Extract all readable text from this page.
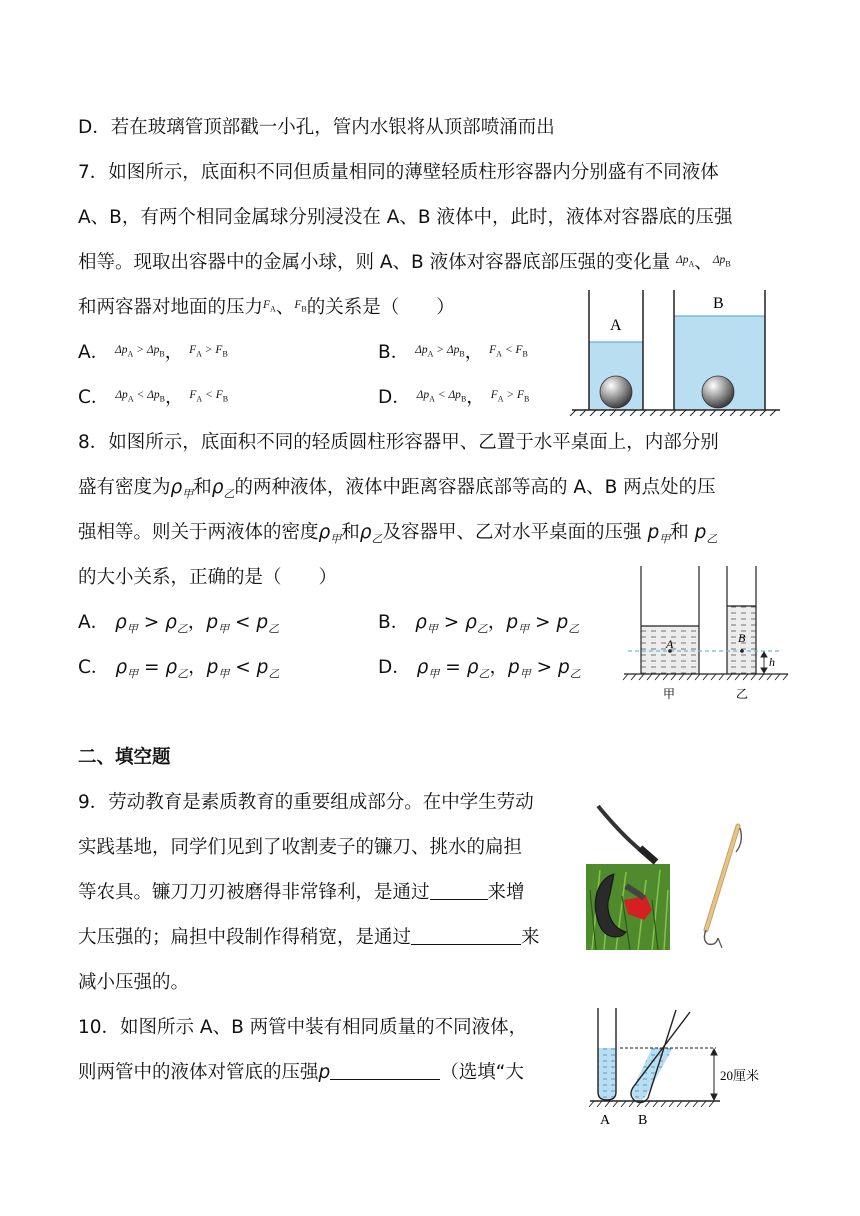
D．若在玻璃管顶部戳一小孔，管内水银将从顶部喷涌而出
7．如图所示，底面积不同但质量相同的薄壁轻质柱形容器内分别盛有不同液体
A、B，有两个相同金属球分别浸没在 A、B 液体中，此时，液体对容器底的压强
相等。现取出容器中的金属小球，则 A、B 液体对容器底部压强的变化量 $^{\Delta p_A}$、$^{\Delta p_B}$
和两容器对地面的压力$^{F_A}$、$^{F_B}$的关系是（　　）
A． $^{\Delta p_A > \Delta p_B}$， $^{F_A > F_B}$	B． $^{\Delta p_A > \Delta p_B}$， $^{F_A < F_B}$
C． $^{\Delta p_A < \Delta p_B}$， $^{F_A < F_B}$	D． $^{\Delta p_A < \Delta p_B}$， $^{F_A > F_B}$
A
B
8．如图所示，底面积不同的轻质圆柱形容器甲、乙置于水平桌面上，内部分别
盛有密度为$\rho_甲$和$\rho_乙$的两种液体，液体中距离容器底部等高的 A、B 两点处的压
强相等。则关于两液体的密度$\rho_甲$和$\rho_乙$及容器甲、乙对水平桌面的压强 $p_甲$和 $p_乙$
的大小关系，正确的是（　　）
A． $\rho_甲 > \rho_乙$，$p_甲 < p_乙$	B． $\rho_甲 > \rho_乙$，$p_甲 > p_乙$
C． $\rho_甲 = \rho_乙$，$p_甲 < p_乙$	D． $\rho_甲 = \rho_乙$，$p_甲 > p_乙$
A	B
h
甲	乙
二、填空题
9．劳动教育是素质教育的重要组成部分。在中学生劳动
实践基地，同学们见到了收割麦子的镰刀、挑水的扁担
等农具。镰刀刀刃被磨得非常锋利，是通过	来增
大压强的；扁担中段制作得稍宽，是通过	来
减小压强的。
10．如图所示 A、B 两管中装有相同质量的不同液体，
则两管中的液体对管底的压强p	（选填“大	20厘米
A B
